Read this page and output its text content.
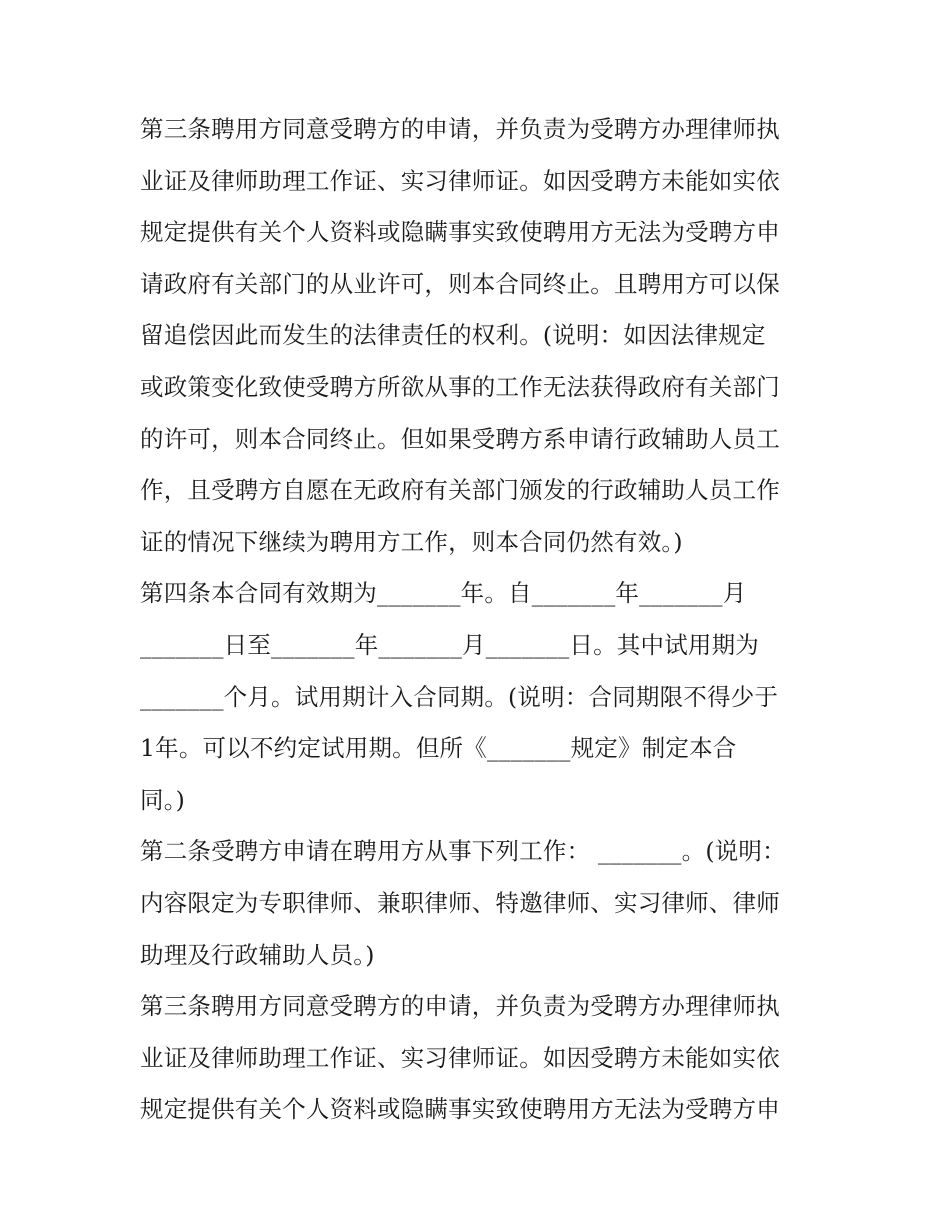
第三条聘用方同意受聘方的申请，并负责为受聘方办理律师执
业证及律师助理工作证、实习律师证。如因受聘方未能如实依
规定提供有关个人资料或隐瞒事实致使聘用方无法为受聘方申
请政府有关部门的从业许可，则本合同终止。且聘用方可以保
留追偿因此而发生的法律责任的权利。(说明：如因法律规定
或政策变化致使受聘方所欲从事的工作无法获得政府有关部门
的许可，则本合同终止。但如果受聘方系申请行政辅助人员工
作，且受聘方自愿在无政府有关部门颁发的行政辅助人员工作
证的情况下继续为聘用方工作，则本合同仍然有效。)
第四条本合同有效期为_______年。自_______年_______月
_______日至_______年_______月_______日。其中试用期为
_______个月。试用期计入合同期。(说明：合同期限不得少于
1年。可以不约定试用期。但所《_______规定》制定本合
同。)
第二条受聘方申请在聘用方从事下列工作： _______。(说明：
内容限定为专职律师、兼职律师、特邀律师、实习律师、律师
助理及行政辅助人员。)
第三条聘用方同意受聘方的申请，并负责为受聘方办理律师执
业证及律师助理工作证、实习律师证。如因受聘方未能如实依
规定提供有关个人资料或隐瞒事实致使聘用方无法为受聘方申
